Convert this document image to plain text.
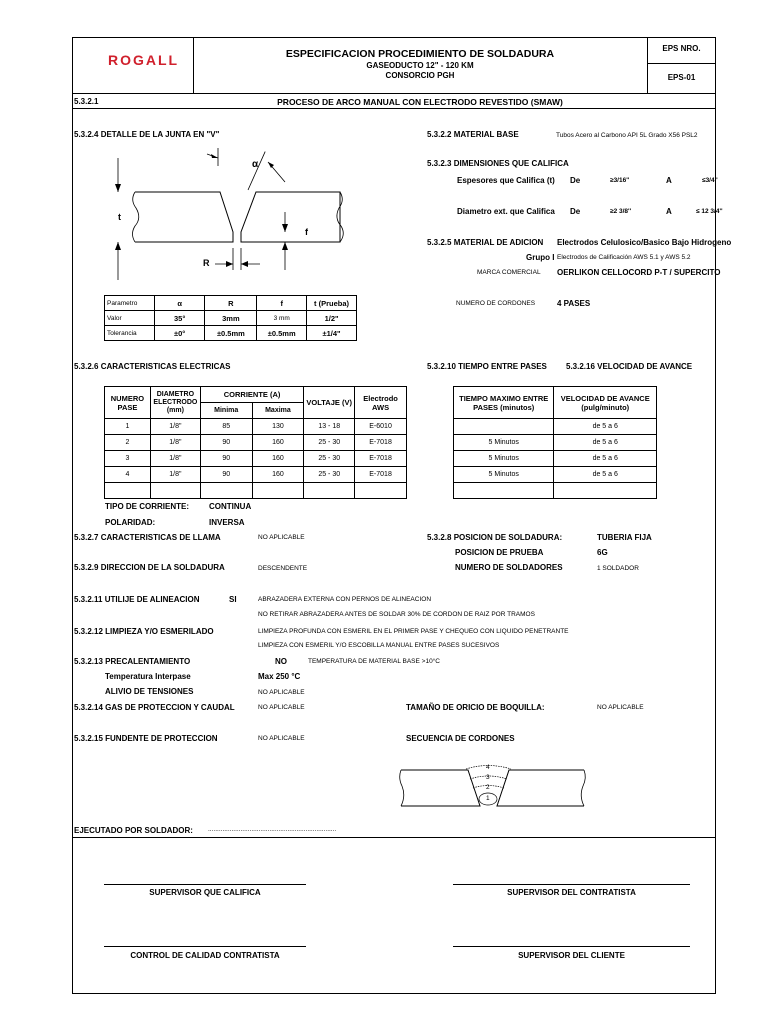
ROGALL	ESPECIFICACION PROCEDIMIENTO DE SOLDADURA
GASEODUCTO 12" - 120 KM
CONSORCIO PGH
EPS NRO.
EPS-01
5.3.2.1	PROCESO DE ARCO MANUAL CON ELECTRODO REVESTIDO (SMAW)
5.3.2.4 DETALLE DE LA JUNTA EN "V"
α
t
f
R
Parametro	α	R	f	t (Prueba)
Valor	35°	3mm	3 mm	1/2"
Tolerancia	±0°	±0.5mm	±0.5mm	±1/4"
5.3.2.2 MATERIAL BASE	Tubos Acero al Carbono API 5L Grado X56 PSL2
5.3.2.3 DIMENSIONES QUE CALIFICA
Espesores que Califica (t) De	≥3/16''	A	≤3/4''
Diametro ext. que Califica De	≥2 3/8''	A	≤ 12 3/4''
5.3.2.5 MATERIAL DE ADICION Electrodos Celulosico/Basico Bajo Hidrogeno
Grupo I Electrodos de Calificación AWS 5.1 y AWS 5.2
MARCA COMERCIAL OERLIKON CELLOCORD P-T / SUPERCITO
NUMERO DE CORDONES	4 PASES
5.3.2.6 CARACTERISTICAS ELECTRICAS	5.3.2.10 TIEMPO ENTRE PASES 5.3.2.16 VELOCIDAD DE AVANCE
NUMERO PASE	DIAMETRO ELECTRODO (mm)	CORRIENTE (A)		VOLTAJE (V)	Electrodo AWS
		Minima	Maxima		
1	1/8"	85	130	13 - 18	E-6010
2	1/8"	90	160	25 - 30	E-7018
3	1/8"	90	160	25 - 30	E-7018
4	1/8"	90	160	25 - 30	E-7018

TIEMPO MAXIMO ENTRE PASES (minutos)	VELOCIDAD DE AVANCE (pulg/minuto)
	de 5 a 6
5 Minutos	de 5 a 6
5 Minutos	de 5 a 6
5 Minutos	de 5 a 6

TIPO DE CORRIENTE: CONTINUA
POLARIDAD:	INVERSA
5.3.2.7 CARACTERISTICAS DE LLAMA	NO APLICABLE	5.3.2.8 POSICION DE SOLDADURA:	TUBERIA FIJA
POSICION DE PRUEBA	6G
5.3.2.9 DIRECCION DE LA SOLDADURA	DESCENDENTE	NUMERO DE SOLDADORES	1 SOLDADOR
5.3.2.11 UTILIJE DE ALINEACION	SI	ABRAZADERA EXTERNA CON PERNOS DE ALINEACION
NO RETIRAR ABRAZADERA ANTES DE SOLDAR 30% DE CORDON DE RAIZ POR TRAMOS
5.3.2.12 LIMPIEZA Y/O ESMERILADO	LIMPIEZA PROFUNDA CON ESMERIL EN EL PRIMER PASE Y CHEQUEO CON LIQUIDO PENETRANTE
LIMPIEZA CON ESMERIL Y/O ESCOBILLA MANUAL ENTRE PASES SUCESIVOS
5.3.2.13 PRECALENTAMIENTO	NO	TEMPERATURA DE MATERIAL BASE >10°C
Temperatura Interpase	Max 250 °C
ALIVIO DE TENSIONES	NO APLICABLE
5.3.2.14 GAS DE PROTECCION Y CAUDAL	NO APLICABLE	TAMAÑO DE ORICIO DE BOQUILLA:	NO APLICABLE
5.3.2.15 FUNDENTE DE PROTECCION	NO APLICABLE	SECUENCIA DE CORDONES
4
3
2
1
EJECUTADO POR SOLDADOR: .......................................................................
SUPERVISOR QUE CALIFICA	SUPERVISOR DEL CONTRATISTA
CONTROL DE CALIDAD CONTRATISTA	SUPERVISOR DEL CLIENTE
